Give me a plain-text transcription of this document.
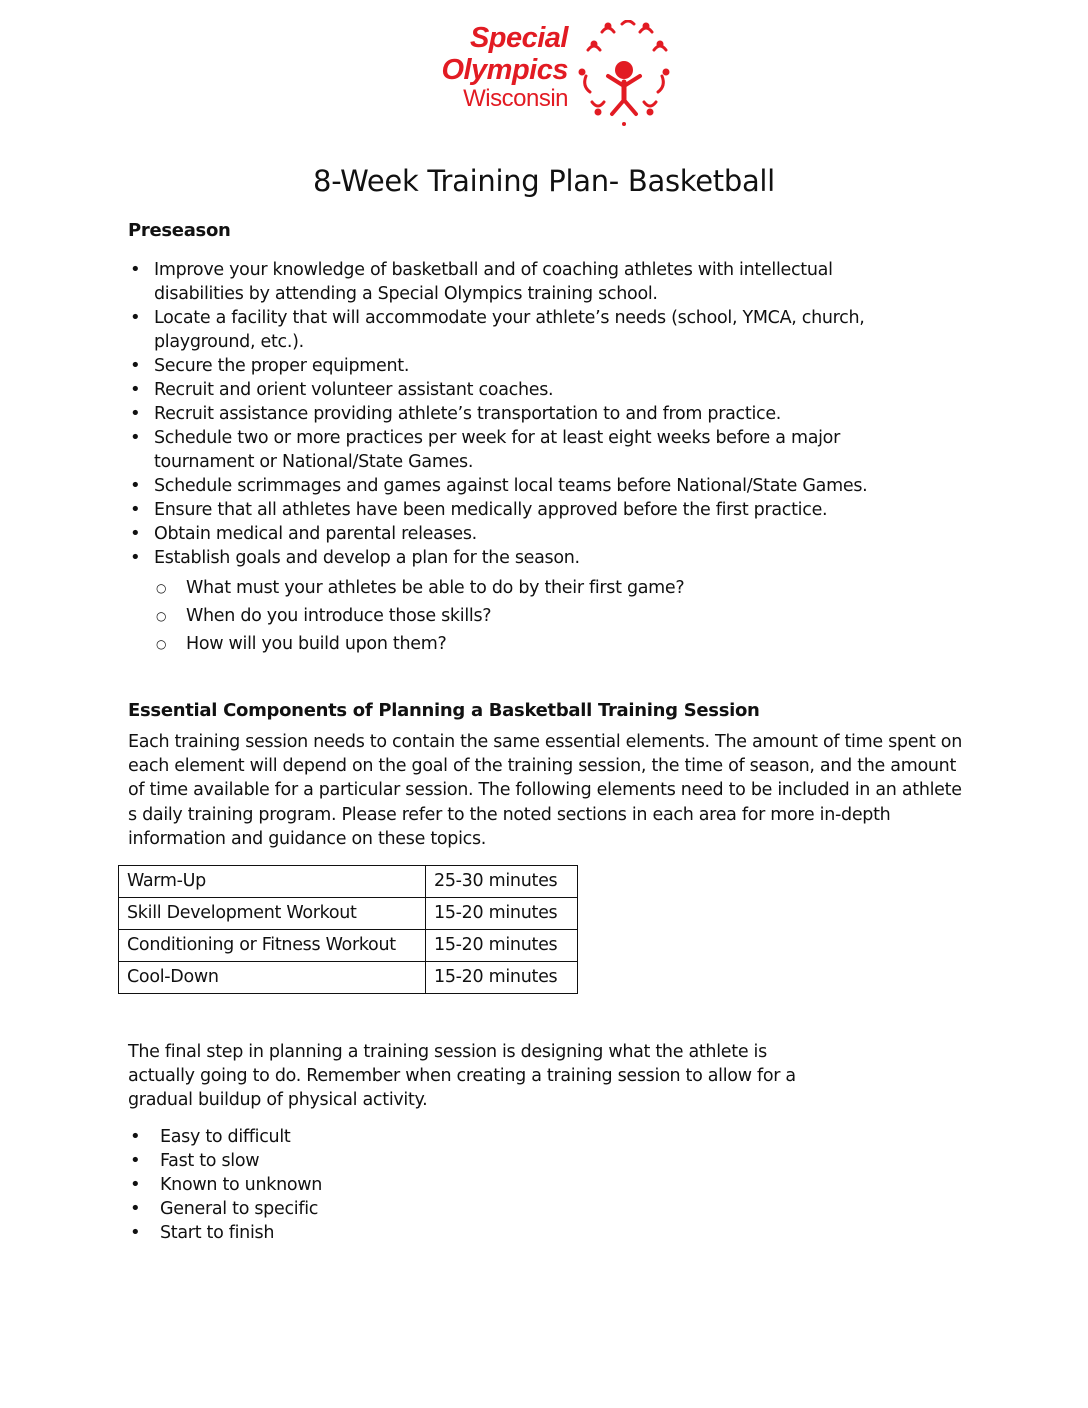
Special
Olympics
Wisconsin
8-Week Training Plan- Basketball
Preseason
• Improve your knowledge of basketball and of coaching athletes with intellectual disabilities by attending a Special Olympics training school.
• Locate a facility that will accommodate your athlete’s needs (school, YMCA, church, playground, etc.).
• Secure the proper equipment.
• Recruit and orient volunteer assistant coaches.
• Recruit assistance providing athlete’s transportation to and from practice.
• Schedule two or more practices per week for at least eight weeks before a major tournament or National/State Games.
• Schedule scrimmages and games against local teams before National/State Games.
• Ensure that all athletes have been medically approved before the first practice.
• Obtain medical and parental releases.
• Establish goals and develop a plan for the season.
○ What must your athletes be able to do by their first game?
○ When do you introduce those skills?
○ How will you build upon them?
Essential Components of Planning a Basketball Training Session

Each training session needs to contain the same essential elements. The amount of time spent on each element will depend on the goal of the training session, the time of season, and the amount of time available for a particular session. The following elements need to be included in an athlete s daily training program. Please refer to the noted sections in each area for more in-depth information and guidance on these topics.

Warm-Up	25-30 minutes
Skill Development Workout	15-20 minutes
Conditioning or Fitness Workout	15-20 minutes
Cool-Down	15-20 minutes

The final step in planning a training session is designing what the athlete is actually going to do. Remember when creating a training session to allow for a gradual buildup of physical activity.

• Easy to difficult
• Fast to slow
• Known to unknown
• General to specific
• Start to finish
